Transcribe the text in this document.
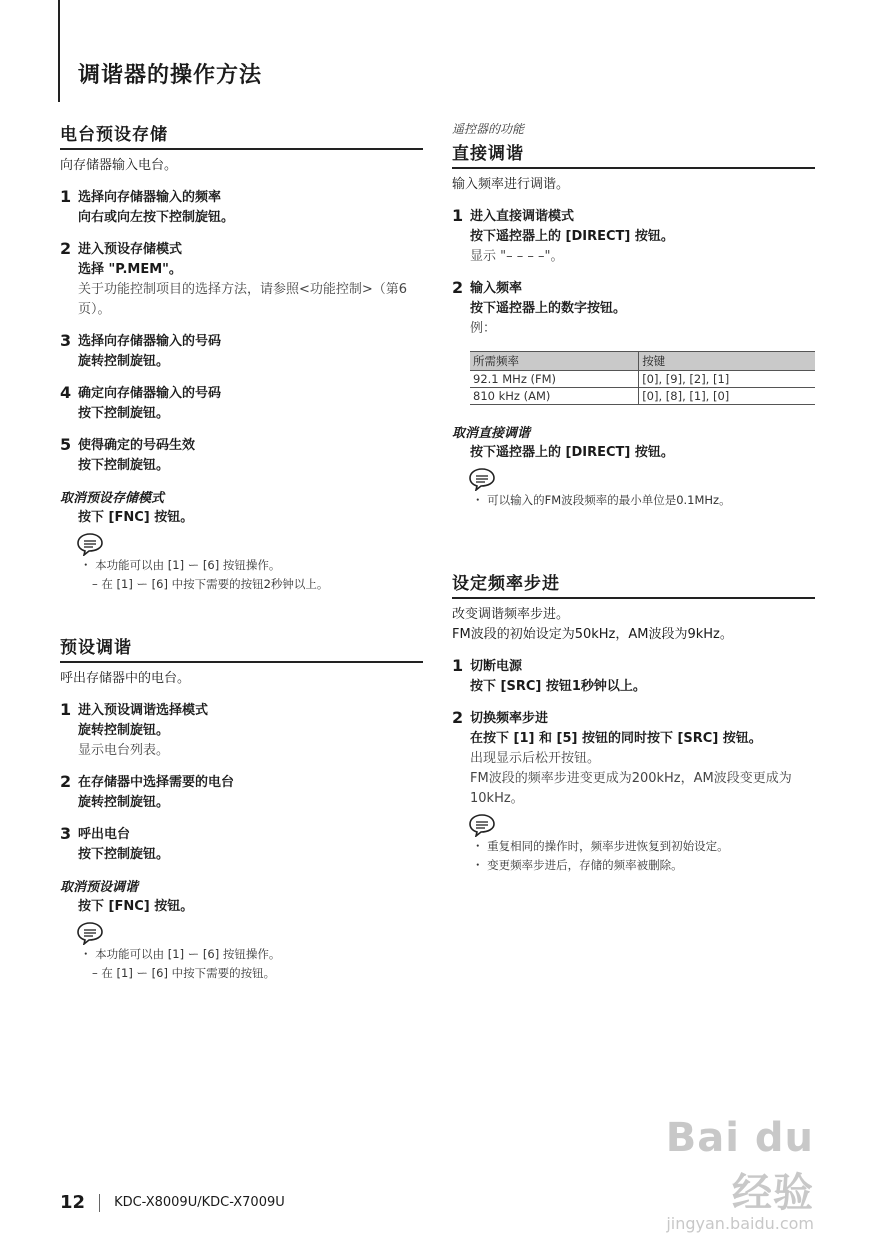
调谐器的操作方法
电台预设存储
向存储器输入电台。
1 选择向存储器输入的频率
向右或向左按下控制旋钮。
2 进入预设存储模式
选择 "P.MEM"。
关于功能控制项目的选择方法，请参照<功能控制>（第6页）。
3 选择向存储器输入的号码
旋转控制旋钮。
4 确定向存储器输入的号码
按下控制旋钮。
5 使得确定的号码生效
按下控制旋钮。
取消预设存储模式
按下 [FNC] 按钮。
・ 本功能可以由 [1] ー [6] 按钮操作。
– 在 [1] ー [6] 中按下需要的按钮2秒钟以上。
预设调谐
呼出存储器中的电台。
1 进入预设调谐选择模式
旋转控制旋钮。
显示电台列表。
2 在存储器中选择需要的电台
旋转控制旋钮。
3 呼出电台
按下控制旋钮。
取消预设调谐
按下 [FNC] 按钮。
・ 本功能可以由 [1] ー [6] 按钮操作。
– 在 [1] ー [6] 中按下需要的按钮。
遥控器的功能
直接调谐
输入频率进行调谐。
1 进入直接调谐模式
按下遥控器上的 [DIRECT] 按钮。
显示 "– – – –"。
2 输入频率
按下遥控器上的数字按钮。
例：
所需频率	按键
92.1 MHz (FM)	[0], [9], [2], [1]
810 kHz (AM)	[0], [8], [1], [0]
取消直接调谐
按下遥控器上的 [DIRECT] 按钮。
・ 可以输入的FM波段频率的最小单位是0.1MHz。
设定频率步进
改变调谐频率步进。
FM波段的初始设定为50kHz，AM波段为9kHz。
1 切断电源
按下 [SRC] 按钮1秒钟以上。
2 切换频率步进
在按下 [1] 和 [5] 按钮的同时按下 [SRC] 按钮。
出现显示后松开按钮。
FM波段的频率步进变更成为200kHz，AM波段变更成为10kHz。
・ 重复相同的操作时，频率步进恢复到初始设定。
・ 变更频率步进后，存储的频率被删除。
12 KDC-X8009U/KDC-X7009U
Bai du 经验
jingyan.baidu.com
